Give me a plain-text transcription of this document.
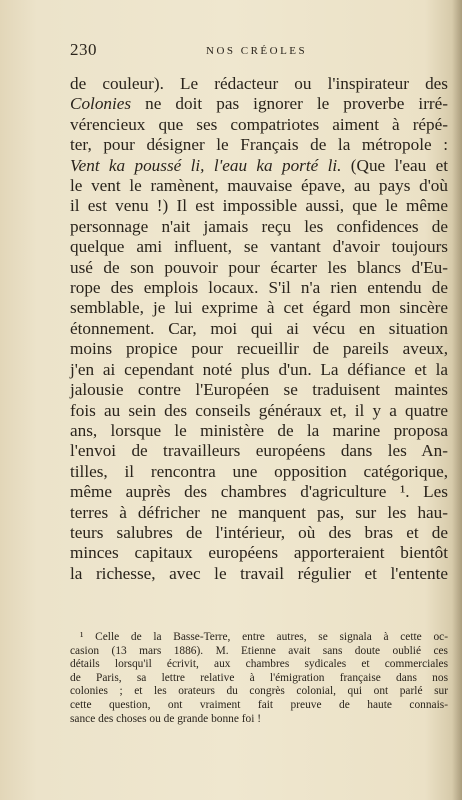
230	NOS CRÉOLES
de couleur). Le rédacteur ou l'inspirateur des
Colonies ne doit pas ignorer le proverbe irré-
vérencieux que ses compatriotes aiment à répé-
ter, pour désigner le Français de la métropole :
Vent ka poussé li, l'eau ka porté li. (Que l'eau et
le vent le ramènent, mauvaise épave, au pays d'où
il est venu !) Il est impossible aussi, que le même
personnage n'ait jamais reçu les confidences de
quelque ami influent, se vantant d'avoir toujours
usé de son pouvoir pour écarter les blancs d'Eu-
rope des emplois locaux. S'il n'a rien entendu de
semblable, je lui exprime à cet égard mon sincère
étonnement. Car, moi qui ai vécu en situation
moins propice pour recueillir de pareils aveux,
j'en ai cependant noté plus d'un. La défiance et la
jalousie contre l'Européen se traduisent maintes
fois au sein des conseils généraux et, il y a quatre
ans, lorsque le ministère de la marine proposa
l'envoi de travailleurs européens dans les An-
tilles, il rencontra une opposition catégorique,
même auprès des chambres d'agriculture ¹. Les
terres à défricher ne manquent pas, sur les hau-
teurs salubres de l'intérieur, où des bras et de
minces capitaux européens apporteraient bientôt
la richesse, avec le travail régulier et l'entente
¹ Celle de la Basse-Terre, entre autres, se signala à cette oc-
casion (13 mars 1886). M. Etienne avait sans doute oublié ces
détails lorsqu'il écrivit, aux chambres sydicales et commerciales
de Paris, sa lettre relative à l'émigration française dans nos
colonies ; et les orateurs du congrès colonial, qui ont parlé sur
cette question, ont vraiment fait preuve de haute connais-
sance des choses ou de grande bonne foi !
